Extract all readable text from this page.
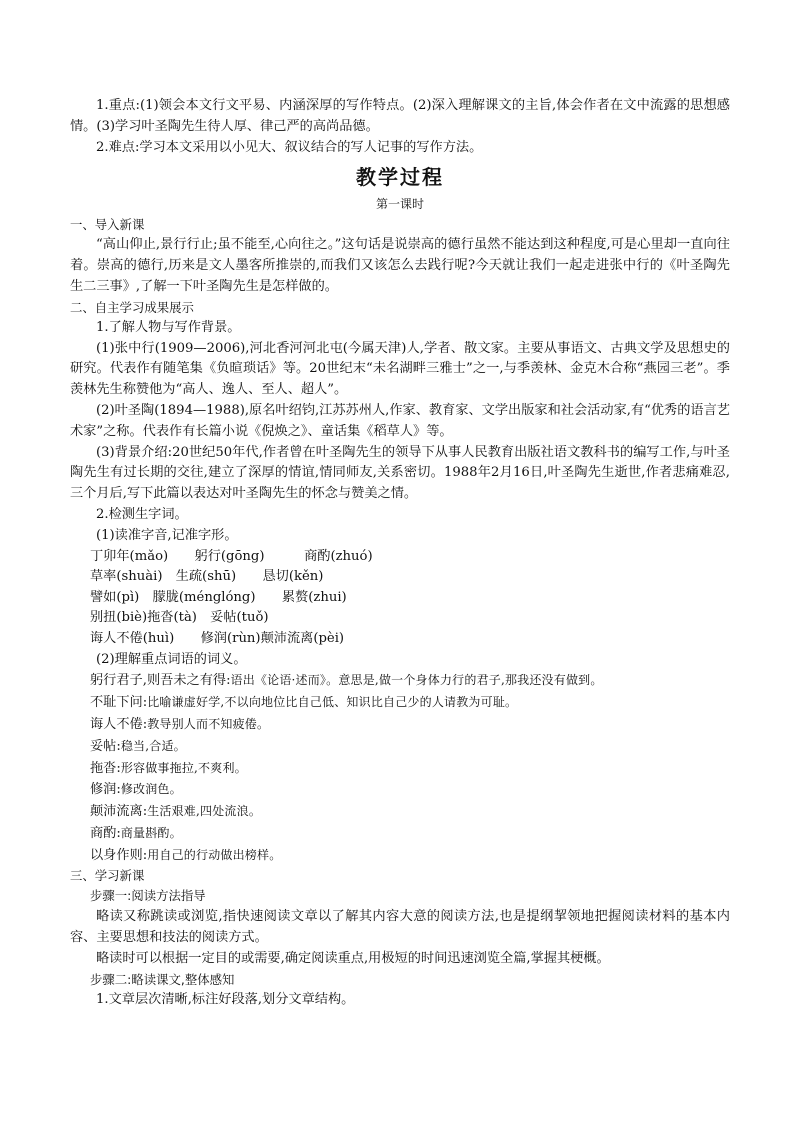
1.重点:(1)领会本文行文平易、内涵深厚的写作特点。(2)深入理解课文的主旨,体会作者在文中流露的思想感情。(3)学习叶圣陶先生待人厚、律己严的高尚品德。

2.难点:学习本文采用以小见大、叙议结合的写人记事的写作方法。

教学过程

第一课时

一、导入新课

“高山仰止,景行行止;虽不能至,心向往之。”这句话是说崇高的德行虽然不能达到这种程度,可是心里却一直向往着。崇高的德行,历来是文人墨客所推崇的,而我们又该怎么去践行呢?今天就让我们一起走进张中行的《叶圣陶先生二三事》,了解一下叶圣陶先生是怎样做的。

二、自主学习成果展示

1.了解人物与写作背景。

(1)张中行(1909—2006),河北香河河北屯(今属天津)人,学者、散文家。主要从事语文、古典文学及思想史的研究。代表作有随笔集《负暄琐话》等。20世纪末“未名湖畔三雅士”之一,与季羡林、金克木合称“燕园三老”。季羡林先生称赞他为“高人、逸人、至人、超人”。

(2)叶圣陶(1894—1988),原名叶绍钧,江苏苏州人,作家、教育家、文学出版家和社会活动家,有“优秀的语言艺术家”之称。代表作有长篇小说《倪焕之》、童话集《稻草人》等。

(3)背景介绍:20世纪50年代,作者曾在叶圣陶先生的领导下从事人民教育出版社语文教科书的编写工作,与叶圣陶先生有过长期的交往,建立了深厚的情谊,情同师友,关系密切。1988年2月16日,叶圣陶先生逝世,作者悲痛难忍,三个月后,写下此篇以表达对叶圣陶先生的怀念与赞美之情。

2.检测生字词。

(1)读准字音,记准字形。

丁卯年(mǎo)　　躬行(gōng)　　　商酌(zhuó)

草率(shuài)　生疏(shū)　　恳切(kěn)

譬如(pì)　朦胧(ménglóng)　　累赘(zhui)

别扭(biè)拖沓(tà)　妥帖(tuǒ)

诲人不倦(huì)　　修润(rùn)颠沛流离(pèi)

(2)理解重点词语的词义。

躬行君子,则吾未之有得:语出《论语·述而》。意思是,做一个身体力行的君子,那我还没有做到。

不耻下问:比喻谦虚好学,不以向地位比自己低、知识比自己少的人请教为可耻。

诲人不倦:教导别人而不知疲倦。

妥帖:稳当,合适。

拖沓:形容做事拖拉,不爽利。

修润:修改润色。

颠沛流离:生活艰难,四处流浪。

商酌:商量斟酌。

以身作则:用自己的行动做出榜样。

三、学习新课

步骤一:阅读方法指导

略读又称跳读或浏览,指快速阅读文章以了解其内容大意的阅读方法,也是提纲挈领地把握阅读材料的基本内容、主要思想和技法的阅读方式。

略读时可以根据一定目的或需要,确定阅读重点,用极短的时间迅速浏览全篇,掌握其梗概。

步骤二:略读课文,整体感知

1.文章层次清晰,标注好段落,划分文章结构。
